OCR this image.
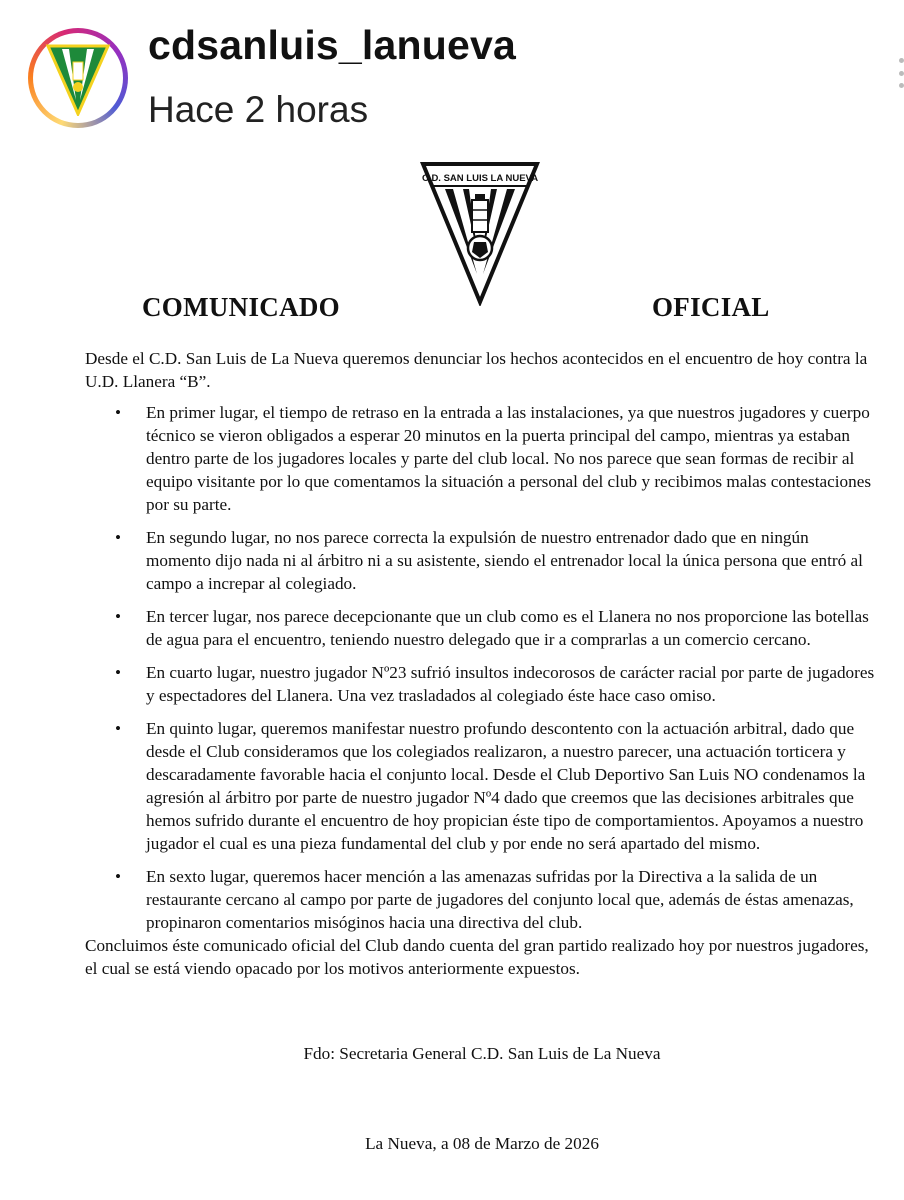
cdsanluis_lanueva
Hace 2 horas
C.D. SAN LUIS LA NUEVA
COMUNICADO	OFICIAL

Desde el C.D. San Luis de La Nueva queremos denunciar los hechos acontecidos en el encuentro de hoy contra la U.D. Llanera “B”.

• En primer lugar, el tiempo de retraso en la entrada a las instalaciones, ya que nuestros jugadores y cuerpo técnico se vieron obligados a esperar 20 minutos en la puerta principal del campo, mientras ya estaban dentro parte de los jugadores locales y parte del club local. No nos parece que sean formas de recibir al equipo visitante por lo que comentamos la situación a personal del club y recibimos malas contestaciones por su parte.
• En segundo lugar, no nos parece correcta la expulsión de nuestro entrenador dado que en ningún momento dijo nada ni al árbitro ni a su asistente, siendo el entrenador local la única persona que entró al campo a increpar al colegiado.
• En tercer lugar, nos parece decepcionante que un club como es el Llanera no nos proporcione las botellas de agua para el encuentro, teniendo nuestro delegado que ir a comprarlas a un comercio cercano.
• En cuarto lugar, nuestro jugador Nº23 sufrió insultos indecorosos de carácter racial por parte de jugadores y espectadores del Llanera. Una vez trasladados al colegiado éste hace caso omiso.
• En quinto lugar, queremos manifestar nuestro profundo descontento con la actuación arbitral, dado que desde el Club consideramos que los colegiados realizaron, a nuestro parecer, una actuación torticera y descaradamente favorable hacia el conjunto local. Desde el Club Deportivo San Luis NO condenamos la agresión al árbitro por parte de nuestro jugador Nº4 dado que creemos que las decisiones arbitrales que hemos sufrido durante el encuentro de hoy propician éste tipo de comportamientos. Apoyamos a nuestro jugador el cual es una pieza fundamental del club y por ende no será apartado del mismo.
• En sexto lugar, queremos hacer mención a las amenazas sufridas por la Directiva a la salida de un restaurante cercano al campo por parte de jugadores del conjunto local que, además de éstas amenazas, propinaron comentarios misóginos hacia una directiva del club.

Concluimos éste comunicado oficial del Club dando cuenta del gran partido realizado hoy por nuestros jugadores, el cual se está viendo opacado por los motivos anteriormente expuestos.

Fdo: Secretaria General C.D. San Luis de La Nueva
La Nueva, a 08 de Marzo de 2026
